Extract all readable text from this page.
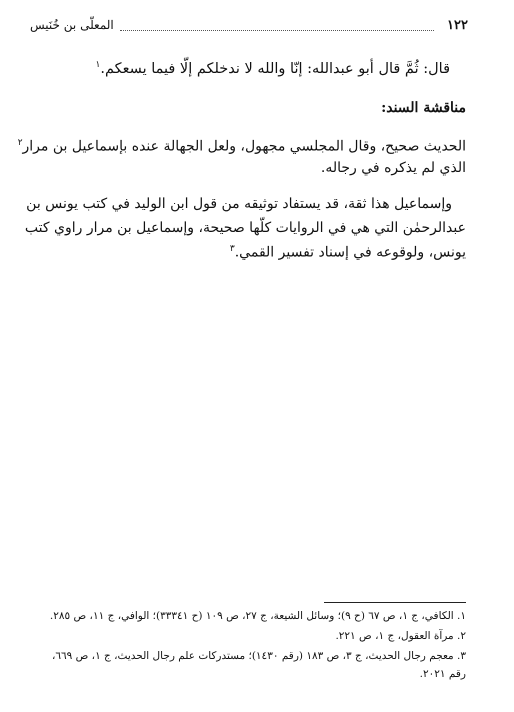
١٢٢
المعلّى بن خُنَيس
قال: ثُمَّ قال أبو عبدالله: إنّا والله لا ندخلكم إلّا فيما يسعكم.$^١$
مناقشة السند:
الحديث صحيح، وقال المجلسي مجهول، ولعل الجهالة عنده بإسماعيل بن مرار$^٢$
الذي لم يذكره في رجاله.
وإسماعيل هذا ثقة، قد يستفاد توثيقه من قول ابن الوليد في كتب يونس بن
عبدالرحمٰن التي هي في الروايات كلّها صحيحة، وإسماعيل بن مرار راوي كتب
يونس، ولوقوعه في إسناد تفسير القمي.$^٣$
١. الكافي، ج ١، ص ٦٧ (ح ٩)؛ وسائل الشيعة، ج ٢٧، ص ١٠٩ (ح ٣٣٣٤١)؛ الوافي، ج ١١، ص ٢٨٥.
٢. مرآة العقول، ج ١، ص ٢٢١.
٣. معجم رجال الحديث، ج ٣، ص ١٨٣ (رقم ١٤٣٠)؛ مستدركات علم رجال الحديث، ج ١، ص ٦٦٩،
رقم ٢٠٢١.
